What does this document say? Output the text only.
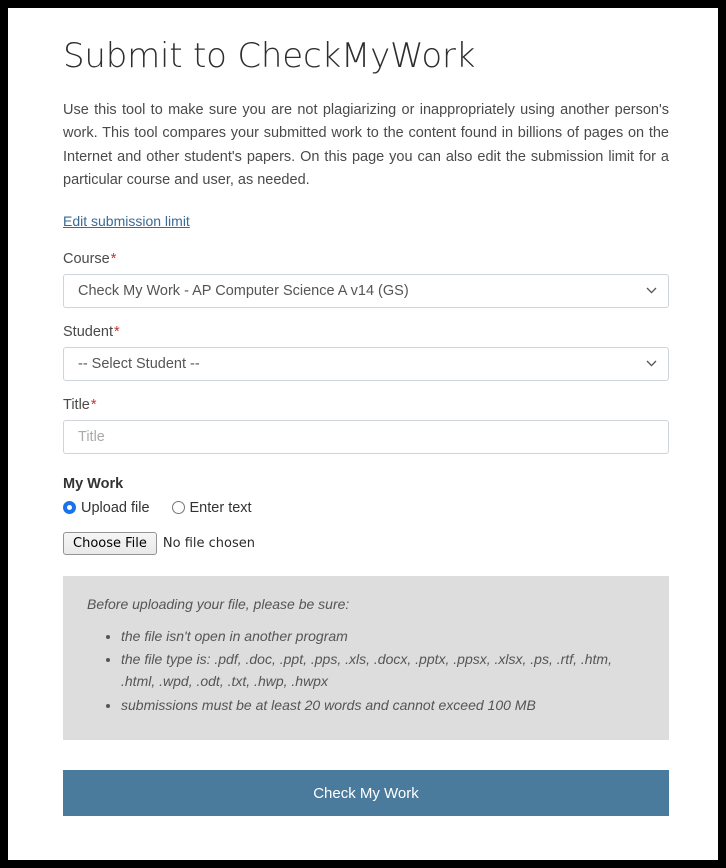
Submit to CheckMyWork

Use this tool to make sure you are not plagiarizing or inappropriately using another person's work. This tool compares your submitted work to the content found in billions of pages on the Internet and other student's papers. On this page you can also edit the submission limit for a particular course and user, as needed.

Edit submission limit
Course*
Check My Work - AP Computer Science A v14 (GS)
Student*
-- Select Student --
Title*
Title
My Work
Upload file	Enter text
Choose File	No file chosen

Before uploading your file, please be sure:

• the file isn't open in another program
• the file type is: .pdf, .doc, .ppt, .pps, .xls, .docx, .pptx, .ppsx, .xlsx, .ps, .rtf, .htm, .html, .wpd, .odt, .txt, .hwp, .hwpx
• submissions must be at least 20 words and cannot exceed 100 MB
Check My Work
